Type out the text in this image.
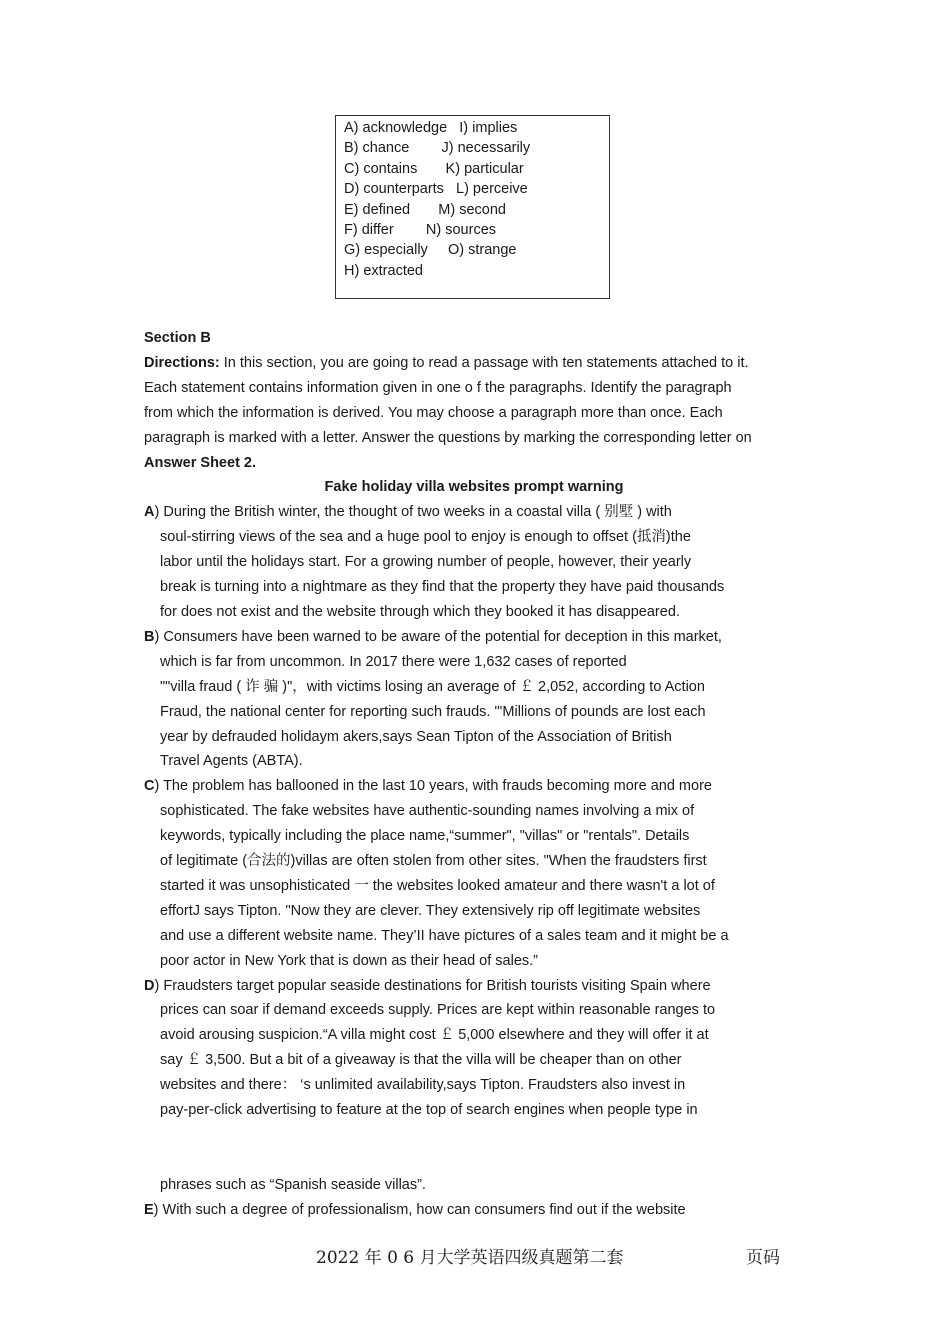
A) acknowledge   I) implies
B) chance        J) necessarily
C) contains       K) particular
D) counterparts   L) perceive
E) defined       M) second
F) differ        N) sources
G) especially     O) strange
H) extracted
Section B
Directions: In this section, you are going to read a passage with ten statements attached to it.
Each statement contains information given in one o f the paragraphs. Identify the paragraph
from which the information is derived. You may choose a paragraph more than once. Each
paragraph is marked with a letter. Answer the questions by marking the corresponding letter on
Answer Sheet 2.
Fake holiday villa websites prompt warning
A) During the British winter, the thought of two weeks in a coastal villa ( 别墅 ) with
soul-stirring views of the sea and a huge pool to enjoy is enough to offset (抵消)the
labor until the holidays start. For a growing number of people, however, their yearly
break is turning into a nightmare as they find that the property they have paid thousands
for does not exist and the website through which they booked it has disappeared.
B) Consumers have been warned to be aware of the potential for deception in this market,
which is far from uncommon. In 2017 there were 1,632 cases of reported
""villa fraud ( 诈 骗 )"，with victims losing an average of ￡ 2,052, according to Action
Fraud, the national center for reporting such frauds. "'Millions of pounds are lost each
year by defrauded holidaym akers,says Sean Tipton of the Association of British
Travel Agents (ABTA).
C) The problem has ballooned in the last 10 years, with frauds becoming more and more
sophisticated. The fake websites have authentic-sounding names involving a mix of
keywords, typically including the place name,“summer", "villas" or "rentals". Details
of legitimate (合法的)villas are often stolen from other sites. "When the fraudsters first
started it was unsophisticated 一 the websites looked amateur and there wasn't a lot of
effortJ says Tipton. "Now they are clever. They extensively rip off legitimate websites
and use a different website name. They’II have pictures of a sales team and it might be a
poor actor in New York that is down as their head of sales.”
D) Fraudsters target popular seaside destinations for British tourists visiting Spain where
prices can soar if demand exceeds supply. Prices are kept within reasonable ranges to
avoid arousing suspicion.“A villa might cost ￡ 5,000 elsewhere and they will offer it at
say ￡ 3,500. But a bit of a giveaway is that the villa will be cheaper than on other
websites and there： ‘s unlimited availability,says Tipton. Fraudsters also invest in
pay-per-click advertising to feature at the top of search engines when people type in
phrases such as “Spanish seaside villas”.
E) With such a degree of professionalism, how can consumers find out if the website
2022 年 0 6 月大学英语四级真题第二套	页码
